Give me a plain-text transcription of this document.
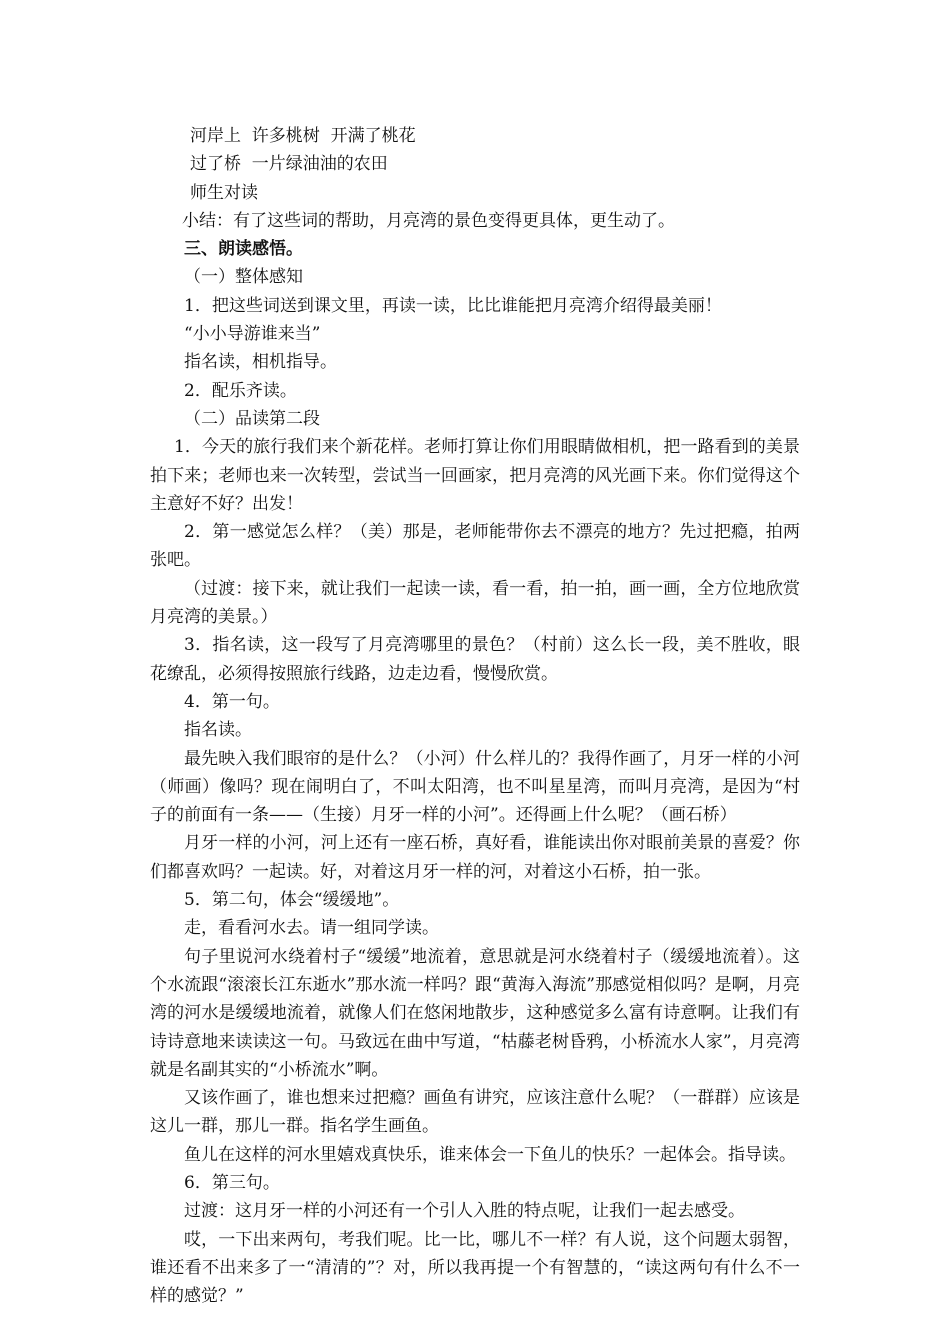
河岸上  许多桃树  开满了桃花
过了桥  一片绿油油的农田
师生对读
小结：有了这些词的帮助，月亮湾的景色变得更具体，更生动了。
三、朗读感悟。
（一）整体感知
1．把这些词送到课文里，再读一读，比比谁能把月亮湾介绍得最美丽！
“小小导游谁来当”
指名读，相机指导。
2．配乐齐读。
（二）品读第二段
1．今天的旅行我们来个新花样。老师打算让你们用眼睛做相机，把一路看到的美景拍下来；老师也来一次转型，尝试当一回画家，把月亮湾的风光画下来。你们觉得这个主意好不好？出发！
2．第一感觉怎么样？（美）那是，老师能带你去不漂亮的地方？先过把瘾，拍两张吧。
（过渡：接下来，就让我们一起读一读，看一看，拍一拍，画一画，全方位地欣赏月亮湾的美景。）
3．指名读，这一段写了月亮湾哪里的景色？（村前）这么长一段，美不胜收，眼花缭乱，必须得按照旅行线路，边走边看，慢慢欣赏。
4．第一句。
指名读。
最先映入我们眼帘的是什么？（小河）什么样儿的？我得作画了，月牙一样的小河（师画）像吗？现在闹明白了，不叫太阳湾，也不叫星星湾，而叫月亮湾，是因为“村子的前面有一条——（生接）月牙一样的小河”。还得画上什么呢？（画石桥）
月牙一样的小河，河上还有一座石桥，真好看，谁能读出你对眼前美景的喜爱？你们都喜欢吗？一起读。好，对着这月牙一样的河，对着这小石桥，拍一张。
5．第二句，体会“缓缓地”。
走，看看河水去。请一组同学读。
句子里说河水绕着村子“缓缓”地流着，意思就是河水绕着村子（缓缓地流着）。这个水流跟“滚滚长江东逝水”那水流一样吗？跟“黄海入海流”那感觉相似吗？是啊，月亮湾的河水是缓缓地流着，就像人们在悠闲地散步，这种感觉多么富有诗意啊。让我们有诗诗意地来读读这一句。马致远在曲中写道，“枯藤老树昏鸦，小桥流水人家”，月亮湾就是名副其实的“小桥流水”啊。
又该作画了，谁也想来过把瘾？画鱼有讲究，应该注意什么呢？（一群群）应该是这儿一群，那儿一群。指名学生画鱼。
鱼儿在这样的河水里嬉戏真快乐，谁来体会一下鱼儿的快乐？一起体会。指导读。
6．第三句。
过渡：这月牙一样的小河还有一个引人入胜的特点呢，让我们一起去感受。
哎，一下出来两句，考我们呢。比一比，哪儿不一样？有人说，这个问题太弱智，谁还看不出来多了一“清清的”？对，所以我再提一个有智慧的，“读这两句有什么不一样的感觉？”
